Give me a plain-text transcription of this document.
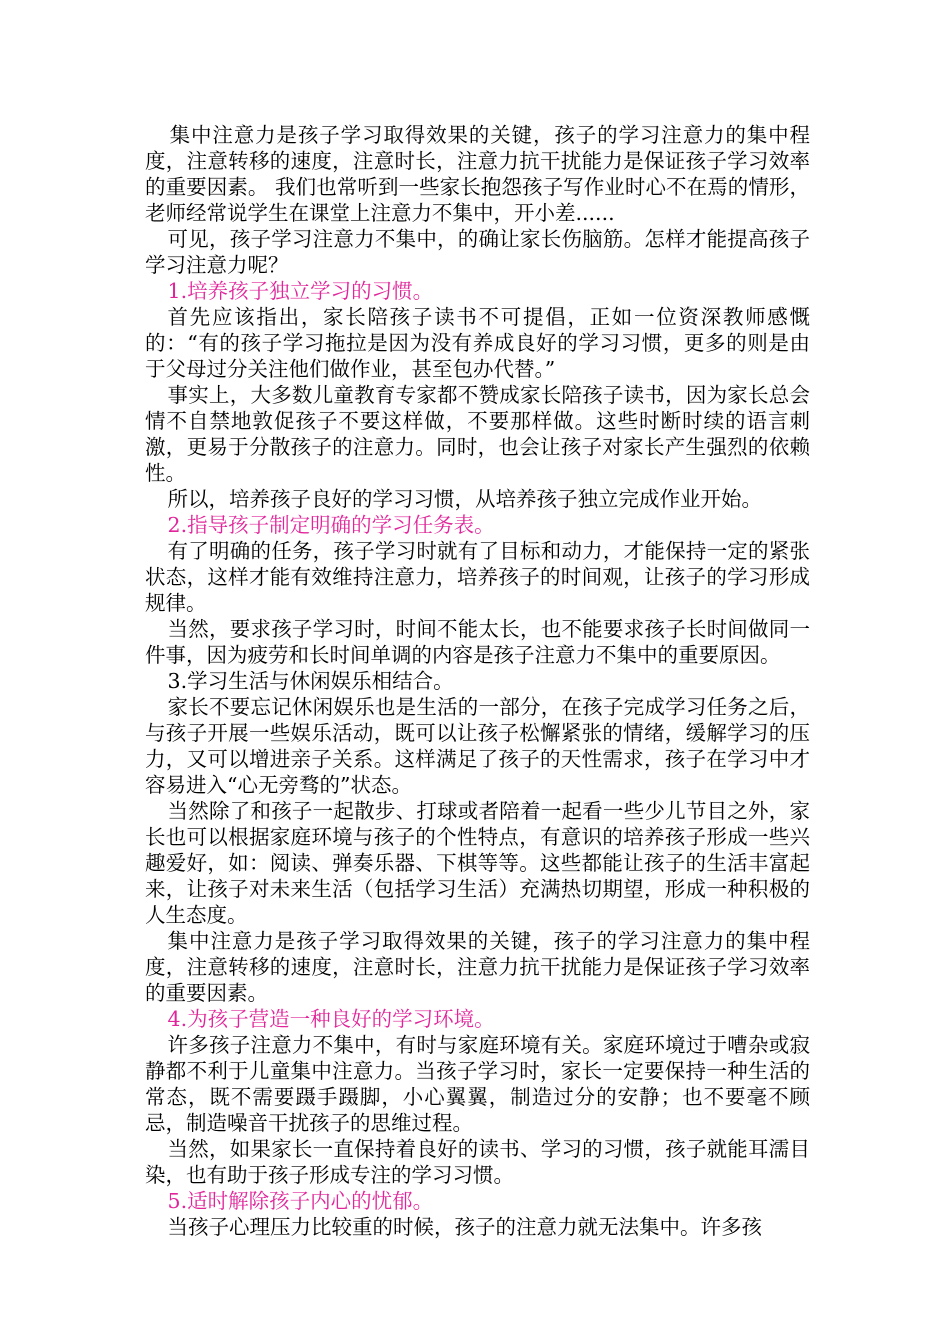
集中注意力是孩子学习取得效果的关键，孩子的学习注意力的集中程度，注意转移的速度，注意时长，注意力抗干扰能力是保证孩子学习效率的重要因素。 我们也常听到一些家长抱怨孩子写作业时心不在焉的情形，老师经常说学生在课堂上注意力不集中，开小差......

可见，孩子学习注意力不集中，的确让家长伤脑筋。怎样才能提高孩子学习注意力呢？

1.培养孩子独立学习的习惯。

首先应该指出，家长陪孩子读书不可提倡，正如一位资深教师感慨的：“有的孩子学习拖拉是因为没有养成良好的学习习惯，更多的则是由于父母过分关注他们做作业，甚至包办代替。”

事实上，大多数儿童教育专家都不赞成家长陪孩子读书，因为家长总会情不自禁地敦促孩子不要这样做，不要那样做。这些时断时续的语言刺激，更易于分散孩子的注意力。同时，也会让孩子对家长产生强烈的依赖性。

所以，培养孩子良好的学习习惯，从培养孩子独立完成作业开始。

2.指导孩子制定明确的学习任务表。

有了明确的任务，孩子学习时就有了目标和动力，才能保持一定的紧张状态，这样才能有效维持注意力，培养孩子的时间观，让孩子的学习形成规律。

当然，要求孩子学习时，时间不能太长，也不能要求孩子长时间做同一件事，因为疲劳和长时间单调的内容是孩子注意力不集中的重要原因。

3.学习生活与休闲娱乐相结合。

家长不要忘记休闲娱乐也是生活的一部分，在孩子完成学习任务之后，与孩子开展一些娱乐活动，既可以让孩子松懈紧张的情绪，缓解学习的压力，又可以增进亲子关系。这样满足了孩子的天性需求，孩子在学习中才容易进入“心无旁骛的”状态。

当然除了和孩子一起散步、打球或者陪着一起看一些少儿节目之外，家长也可以根据家庭环境与孩子的个性特点，有意识的培养孩子形成一些兴趣爱好，如：阅读、弹奏乐器、下棋等等。这些都能让孩子的生活丰富起来，让孩子对未来生活（包括学习生活）充满热切期望，形成一种积极的人生态度。

集中注意力是孩子学习取得效果的关键，孩子的学习注意力的集中程度，注意转移的速度，注意时长，注意力抗干扰能力是保证孩子学习效率的重要因素。

4.为孩子营造一种良好的学习环境。

许多孩子注意力不集中，有时与家庭环境有关。家庭环境过于嘈杂或寂静都不利于儿童集中注意力。当孩子学习时，家长一定要保持一种生活的常态，既不需要蹑手蹑脚，小心翼翼，制造过分的安静；也不要毫不顾忌，制造噪音干扰孩子的思维过程。

当然，如果家长一直保持着良好的读书、学习的习惯，孩子就能耳濡目染，也有助于孩子形成专注的学习习惯。

5.适时解除孩子内心的忧郁。

当孩子心理压力比较重的时候，孩子的注意力就无法集中。许多孩
